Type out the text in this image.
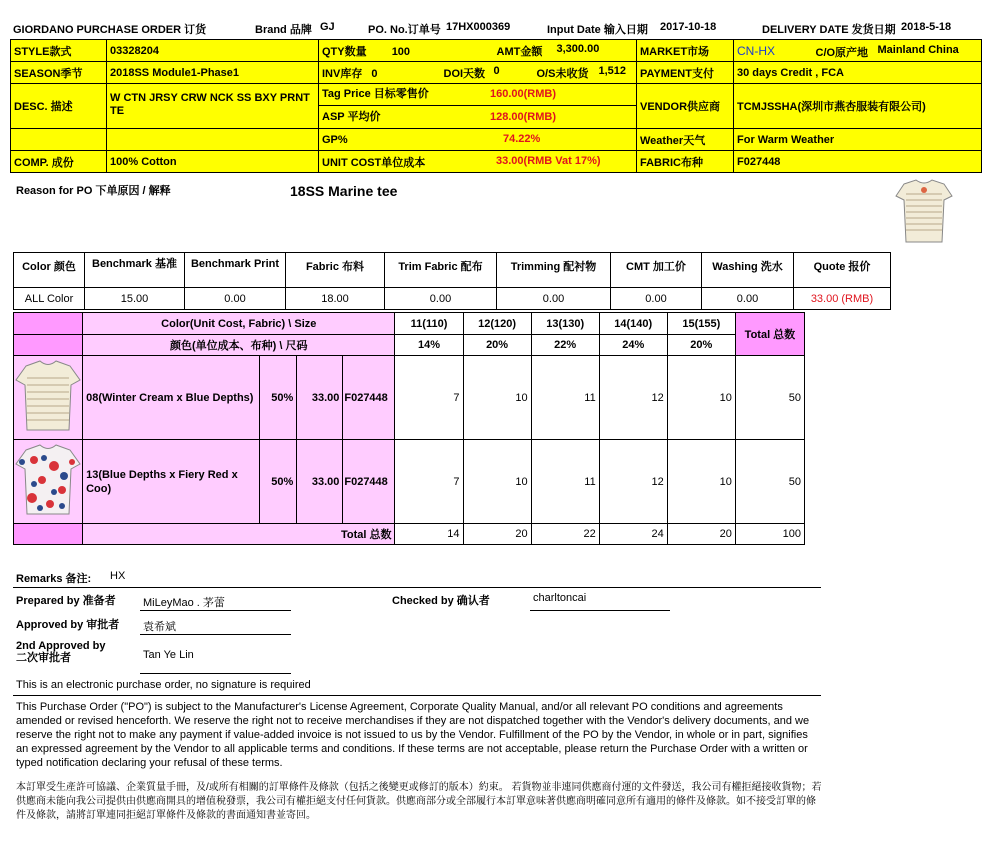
GIORDANO PURCHASE ORDER 订货	Brand 品牌 GJ	PO. No.订单号 17HX000369	Input Date 输入日期 2017-10-18	DELIVERY DATE 发货日期 2018-5-18
STYLE款式	03328204	QTY数量 100 AMT金额 3,300.00	MARKET市场	CN-HX C/O原产地 Mainland China

SEASON季节	2018SS Module1-Phase1	INV库存 0 DOI天数 0 O/S未收货 1,512	PAYMENT支付	30 days Credit , FCA
DESC. 描述	W CTN JRSY CRW NCK SS BXY PRNT TE	Tag Price 目标零售价 160.00(RMB)
ASP 平均价 128.00(RMB)	VENDOR供应商	TCMJSSHA(深圳市燕杏服装有限公司)
		GP% 74.22%	Weather天气	For Warm Weather
COMP. 成份	100% Cotton	UNIT COST单位成本 33.00(RMB Vat 17%)	FABRIC布种	F027448
Reason for PO 下单原因 / 解释	18SS Marine tee
Color 颜色	Benchmark 基准	Benchmark Print	Fabric 布料	Trim Fabric 配布	Trimming 配衬物	CMT 加工价	Washing 洗水	Quote 报价
ALL Color	15.00	0.00	18.00	0.00	0.00	0.00	0.00	33.00 (RMB)
	Color(Unit Cost, Fabric) \ Size				11(110)	12(120)	13(130)	14(140)	15(155)	Total 总数
	颜色(单位成本、布种) \ 尺码				14%	20%	22%	24%	20%	
	08(Winter Cream x Blue Depths)	50%	33.00	F027448	7	10	11	12	10	50
	13(Blue Depths x Fiery Red x Coo)	50%	33.00	F027448	7	10	11	12	10	50
	Total 总数				14	20	22	24	20	100
Remarks 备注: HX
Prepared by 准备者 MiLeyMao . 茅蕾	Checked by 确认者	charltoncai
Approved by 审批者 袁希斌
2nd Approved by
二次审批者	Tan Ye Lin
This is an electronic purchase order, no signature is required
This Purchase Order ("PO") is subject to the Manufacturer's License Agreement, Corporate Quality Manual, and/or all relevant PO conditions and agreements amended or revised henceforth. We reserve the right not to receive merchandises if they are not dispatched together with the Vendor's delivery documents, and we reserve the right not to make any payment if value-added invoice is not issued to us by the Vendor. Fulfillment of the PO by the Vendor, in whole or in part, signifies an expressed agreement by the Vendor to all applicable terms and conditions. If these terms are not acceptable, please return the Purchase Order with a written or typed notification declaring your refusal of these terms.
本訂單受生產許可協議、企業質量手冊，及/或所有相關的訂單條件及條款（包括之後變更或修訂的版本）約束。 若貨物並非連同供應商付運的文件發送，我公司有權拒絕接收貨物；若供應商未能向我公司提供由供應商開具的增值稅發票，我公司有權拒絕支付任何貨款。供應商部分或全部履行本訂單意味著供應商明確同意所有適用的條件及條款。如不接受訂單的條件及條款，請將訂單連同拒絕訂單條件及條款的書面通知書並寄回。
